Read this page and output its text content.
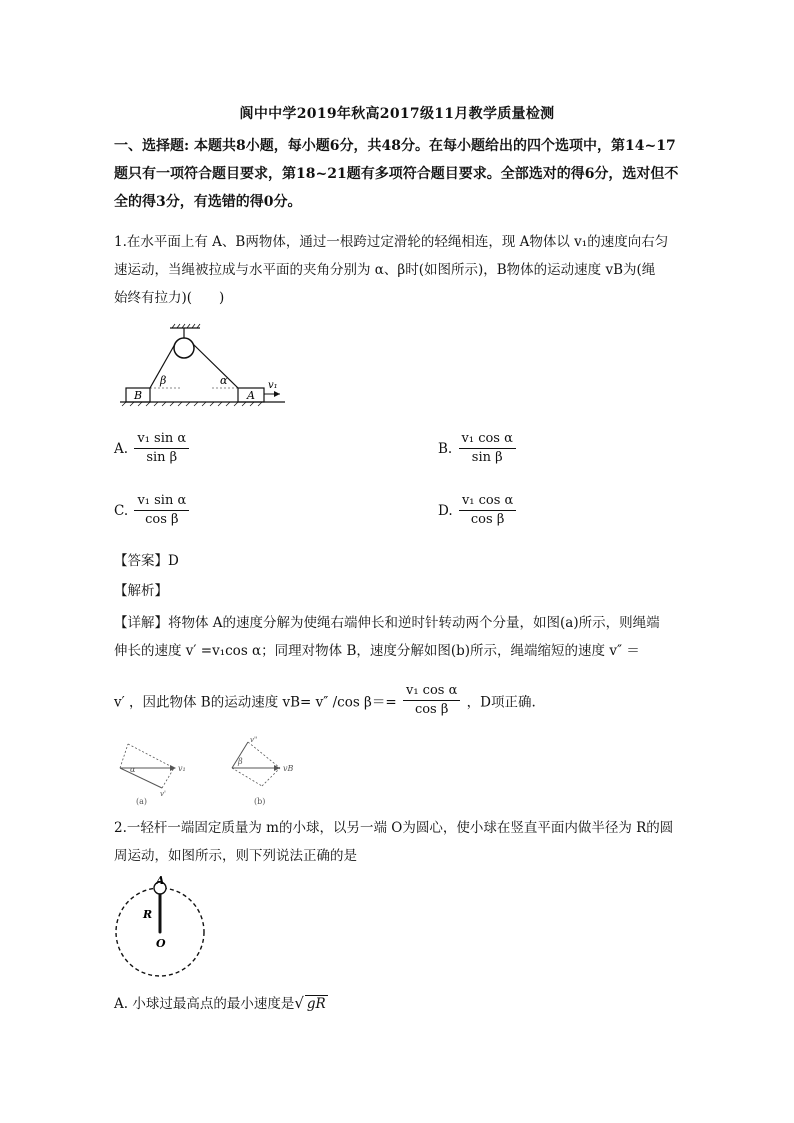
阆中中学2019年秋高2017级11月教学质量检测
一、选择题: 本题共8小题，每小题6分，共48分。在每小题给出的四个选项中，第14~17
题只有一项符合题目要求，第18~21题有多项符合题目要求。全部选对的得6分，选对但不
全的得3分，有选错的得0分。
1.在水平面上有 A、B两物体，通过一根跨过定滑轮的轻绳相连，现 A物体以 v₁的速度向右匀
速运动，当绳被拉成与水平面的夹角分别为 α、β时(如图所示)，B物体的运动速度 vB为(绳
始终有拉力)(　　)
β	α	v₁
B	A
A. $\frac{\text{v₁ sin α}}{\text{sin β}}$	B. $\frac{\text{v₁ cos α}}{\text{sin β}}$
C. $\frac{\text{v₁ sin α}}{\text{cos β}}$	D. $\frac{\text{v₁ cos α}}{\text{cos β}}$
【答案】D
【解析】
【详解】将物体 A的速度分解为使绳右端伸长和逆时针转动两个分量，如图(a)所示，则绳端
伸长的速度 v′ =v₁cos α；同理对物体 B，速度分解如图(b)所示，绳端缩短的速度 v″ ＝
v′ ，因此物体 B的运动速度 vB= v″ /cos $\beta== \frac{\text{v₁ cos α}}{\text{cos β}}$ ，D项正确.
α	v₁
v'
(a)
β
v"
vB
(b)
2.一轻杆一端固定质量为 m的小球，以另一端 O为圆心，使小球在竖直平面内做半径为 R的圆
周运动，如图所示，则下列说法正确的是
A
R
O
A. 小球过最高点的最小速度是√ gR
